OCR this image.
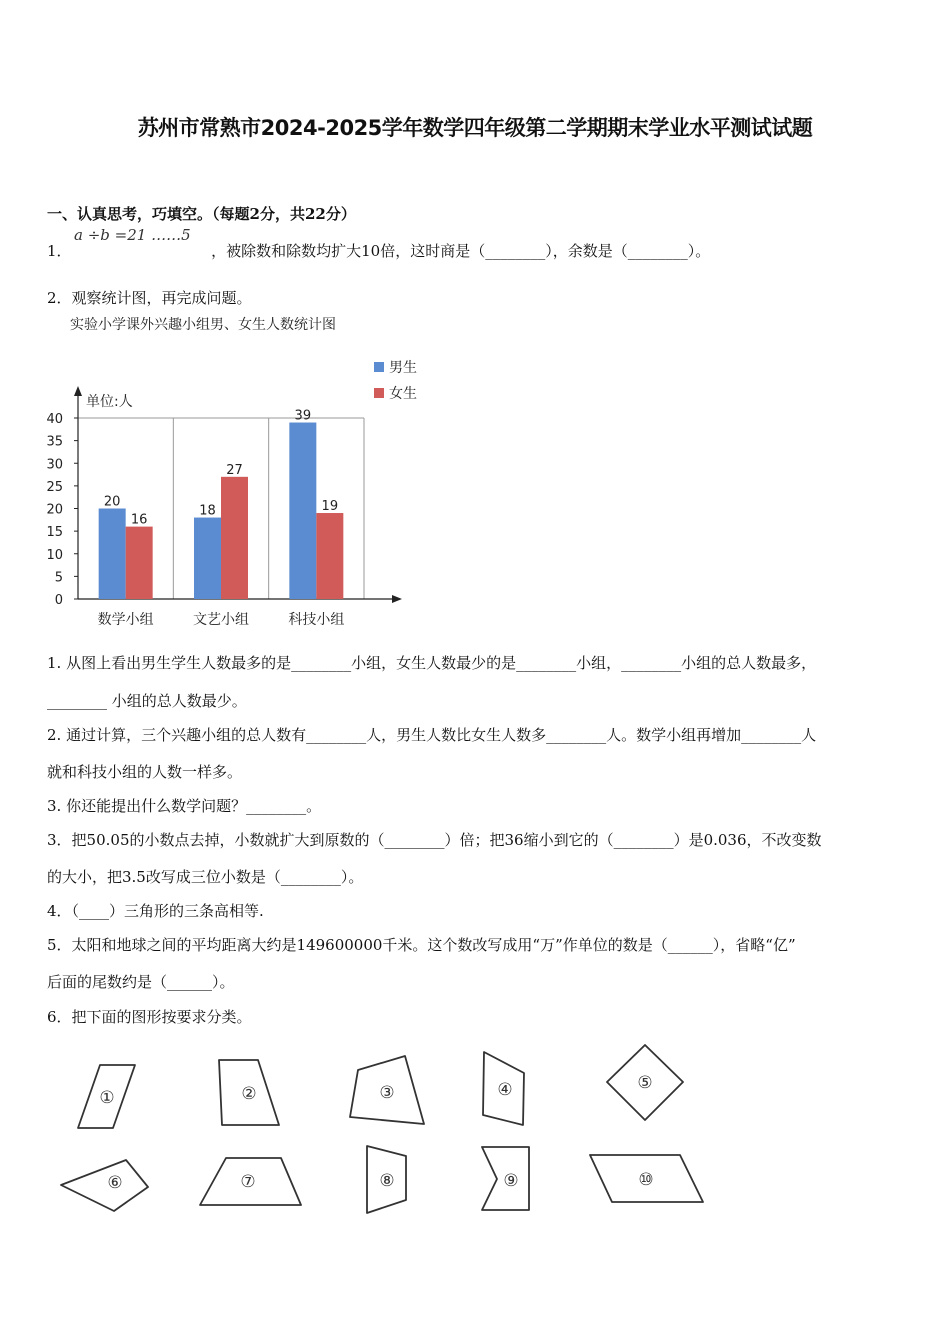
苏州市常熟市2024-2025学年数学四年级第二学期期末学业水平测试试题
一、认真思考，巧填空。（每题2分，共22分）
1．
a ÷b =21 ……5
，被除数和除数均扩大10倍，这时商是（________），余数是（________）。
2．观察统计图，再完成问题。
实验小学课外兴趣小组男、女生人数统计图
0
5
10
15
20
25
30
35
40
单位:人
20
16
数学小组
18
27
文艺小组
39
19
科技小组
男生
女生
1. 从图上看出男生学生人数最多的是________小组，女生人数最少的是________小组，________小组的总人数最多，
________ 小组的总人数最少。
2. 通过计算，三个兴趣小组的总人数有________人，男生人数比女生人数多________人。数学小组再增加________人
就和科技小组的人数一样多。
3. 你还能提出什么数学问题？________。
3．把50.05的小数点去掉，小数就扩大到原数的（________）倍；把36缩小到它的（________）是0.036，不改变数
的大小，把3.5改写成三位小数是（________）。
4．（____）三角形的三条高相等.
5．太阳和地球之间的平均距离大约是149600000千米。这个数改写成用“万”作单位的数是（______），省略“亿”
后面的尾数约是（______）。
6．把下面的图形按要求分类。
①	②	③	④	⑤
⑥	⑦	⑧	⑨	⑩
